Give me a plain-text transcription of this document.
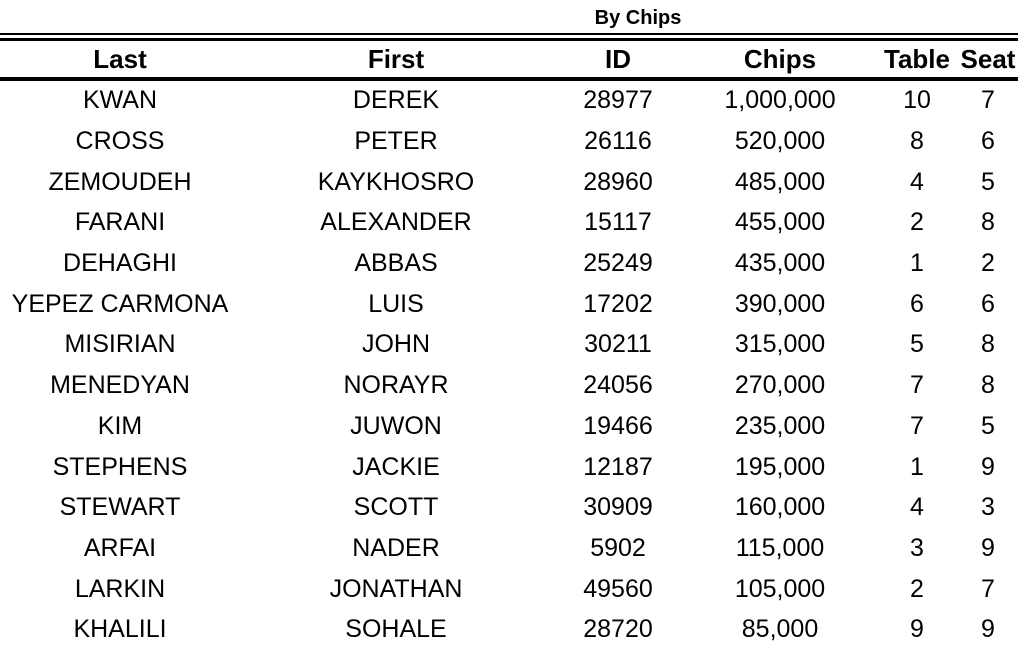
By Chips
Last	First	ID	Chips	Table	Seat
KWAN	DEREK	28977	1,000,000	10	7
CROSS	PETER	26116	520,000	8	6
ZEMOUDEH	KAYKHOSRO	28960	485,000	4	5
FARANI	ALEXANDER	15117	455,000	2	8
DEHAGHI	ABBAS	25249	435,000	1	2
YEPEZ CARMONA	LUIS	17202	390,000	6	6
MISIRIAN	JOHN	30211	315,000	5	8
MENEDYAN	NORAYR	24056	270,000	7	8
KIM	JUWON	19466	235,000	7	5
STEPHENS	JACKIE	12187	195,000	1	9
STEWART	SCOTT	30909	160,000	4	3
ARFAI	NADER	5902	115,000	3	9
LARKIN	JONATHAN	49560	105,000	2	7
KHALILI	SOHALE	28720	85,000	9	9
